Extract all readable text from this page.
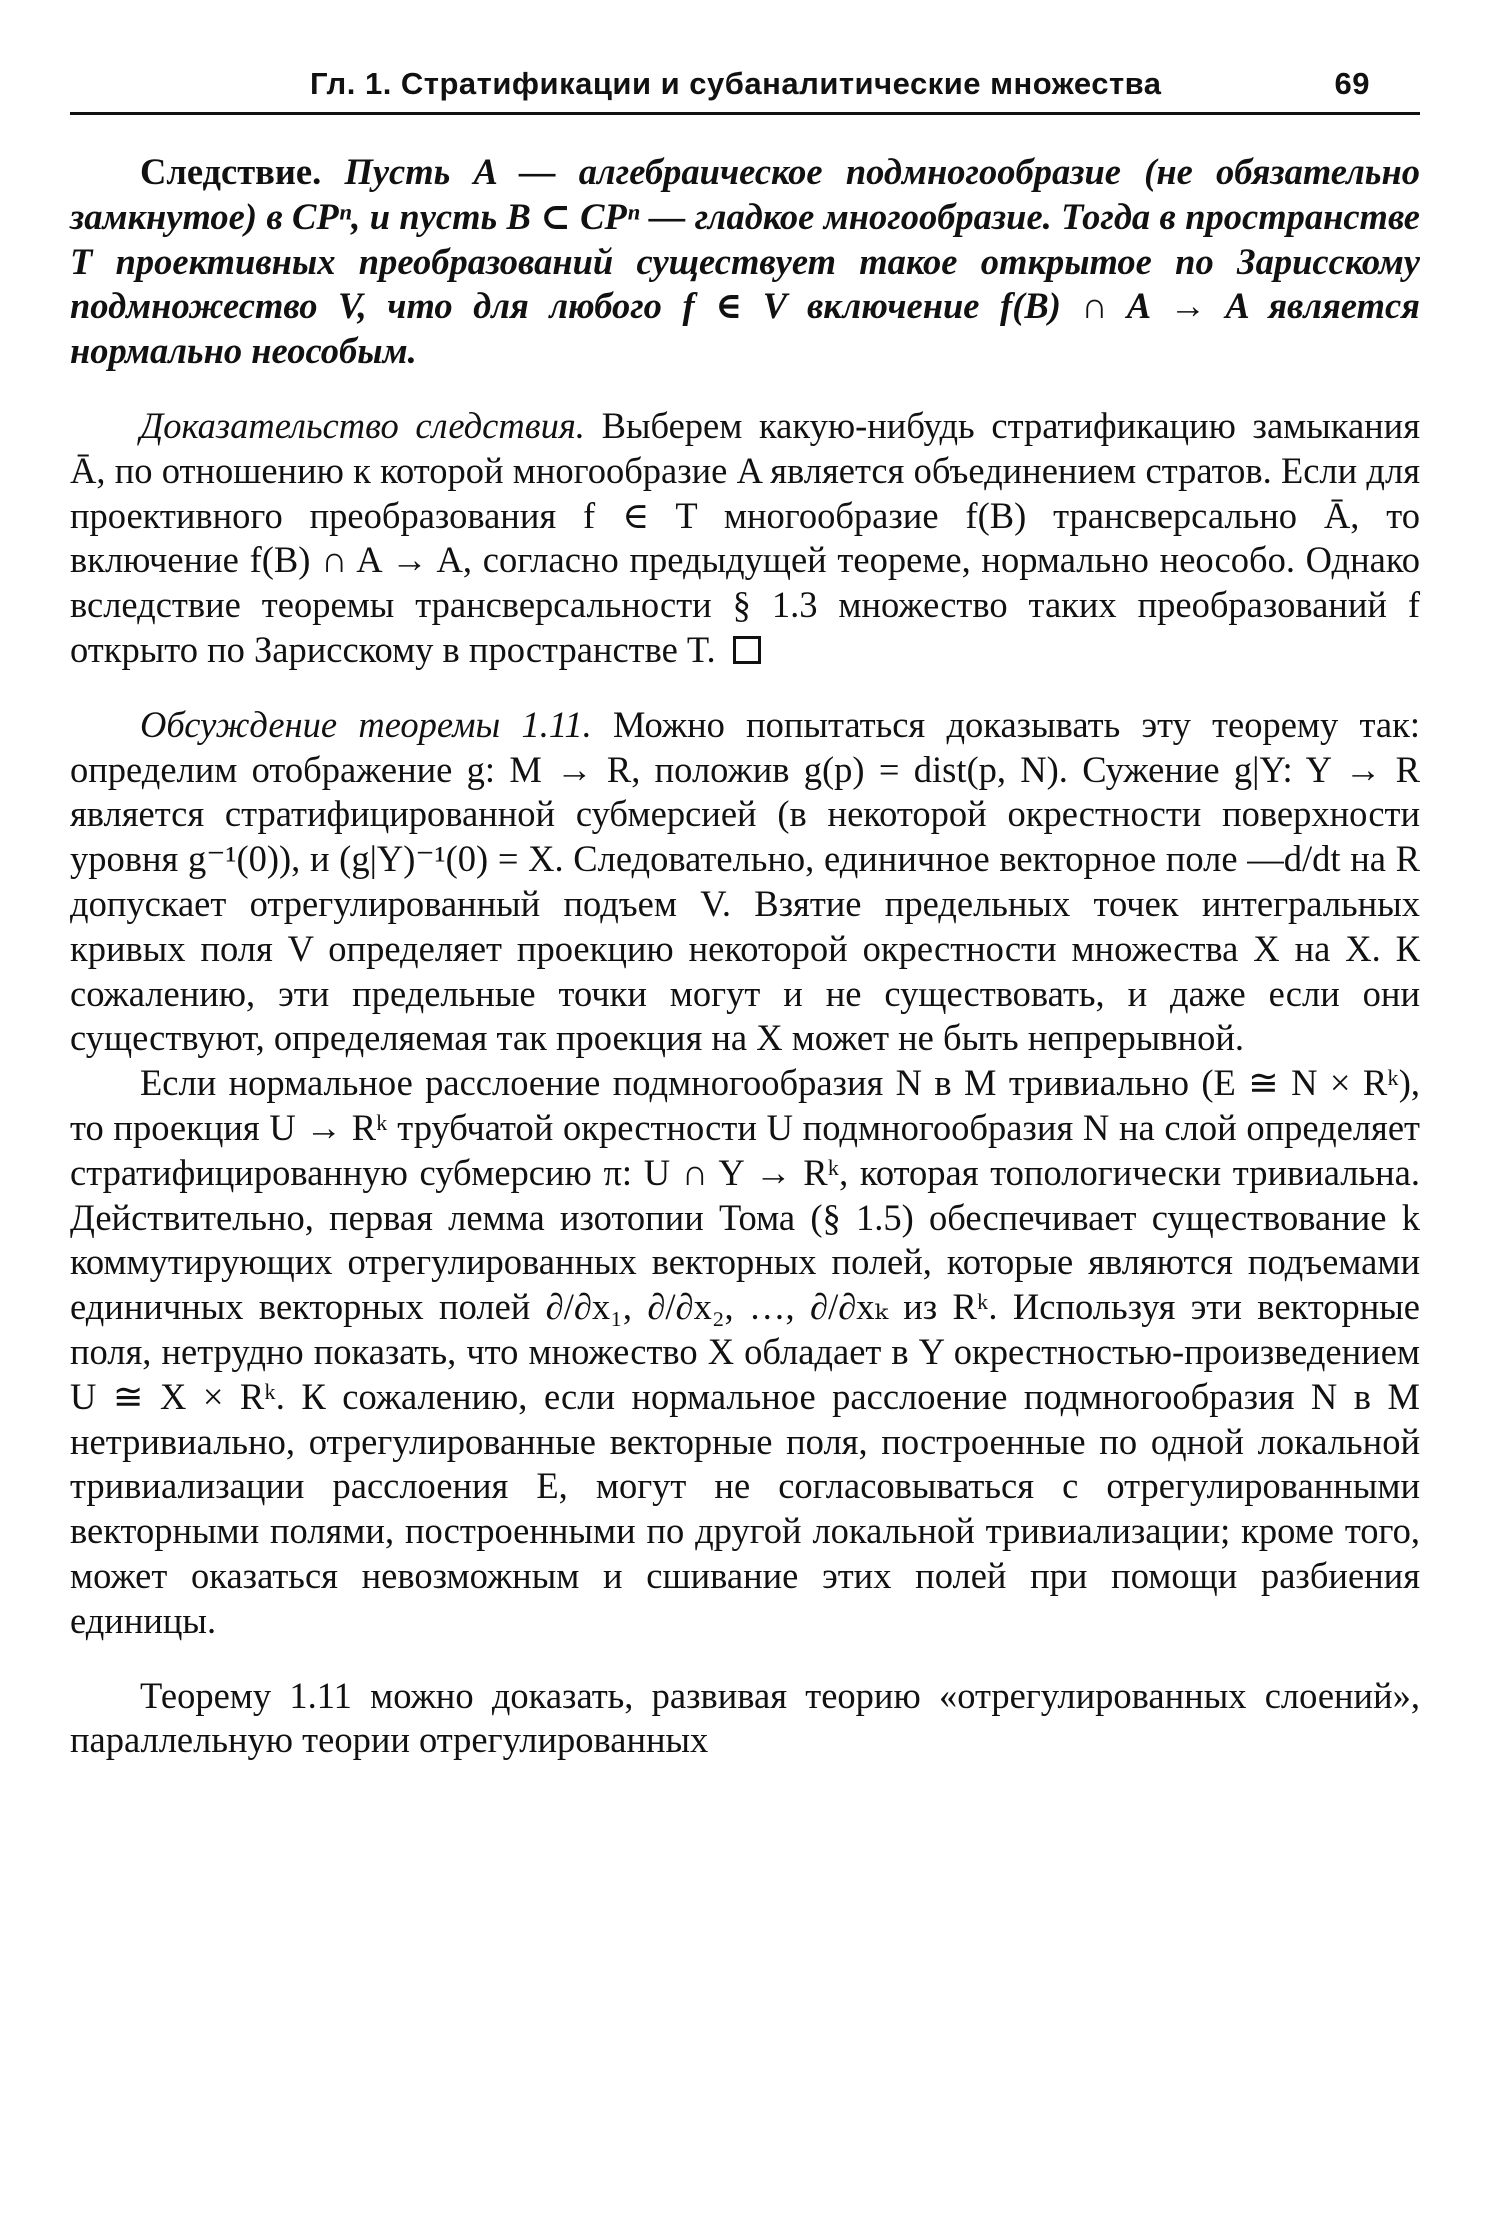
Гл. 1. Стратификации и субаналитические множества	69

Следствие. Пусть A — алгебраическое подмногообразие (не обязательно замкнутое) в CPⁿ, и пусть B ⊂ CPⁿ — гладкое многообразие. Тогда в пространстве T проективных преобразований существует такое открытое по Зарисскому подмножество V, что для любого f ∈ V включение f(B) ∩ A → A является нормально неособым.

Доказательство следствия. Выберем какую-нибудь стратификацию замыкания Ā, по отношению к которой многообразие A является объединением стратов. Если для проективного преобразования f ∈ T многообразие f(B) трансверсально Ā, то включение f(B) ∩ A → A, согласно предыдущей теореме, нормально неособо. Однако вследствие теоремы трансверсальности § 1.3 множество таких преобразований f открыто по Зарисскому в пространстве T.

Обсуждение теоремы 1.11. Можно попытаться доказывать эту теорему так: определим отображение g: M → R, положив g(p) = dist(p, N). Сужение g|Y: Y → R является стратифицированной субмерсией (в некоторой окрестности поверхности уровня g⁻¹(0)), и (g|Y)⁻¹(0) = X. Следовательно, единичное векторное поле —d/dt на R допускает отрегулированный подъем V. Взятие предельных точек интегральных кривых поля V определяет проекцию некоторой окрестности множества X на X. К сожалению, эти предельные точки могут и не существовать, и даже если они существуют, определяемая так проекция на X может не быть непрерывной.

Если нормальное расслоение подмногообразия N в M тривиально (E ≅ N × Rᵏ), то проекция U → Rᵏ трубчатой окрестности U подмногообразия N на слой определяет стратифицированную субмерсию π: U ∩ Y → Rᵏ, которая топологически тривиальна. Действительно, первая лемма изотопии Тома (§ 1.5) обеспечивает существование k коммутирующих отрегулированных векторных полей, которые являются подъемами единичных векторных полей ∂/∂x₁, ∂/∂x₂, …, ∂/∂xₖ из Rᵏ. Используя эти векторные поля, нетрудно показать, что множество X обладает в Y окрестностью-произведением U ≅ X × Rᵏ. К сожалению, если нормальное расслоение подмногообразия N в M нетривиально, отрегулированные векторные поля, построенные по одной локальной тривиализации расслоения E, могут не согласовываться с отрегулированными векторными полями, построенными по другой локальной тривиализации; кроме того, может оказаться невозможным и сшивание этих полей при помощи разбиения единицы.

Теорему 1.11 можно доказать, развивая теорию «отрегулированных слоений», параллельную теории отрегулированных
